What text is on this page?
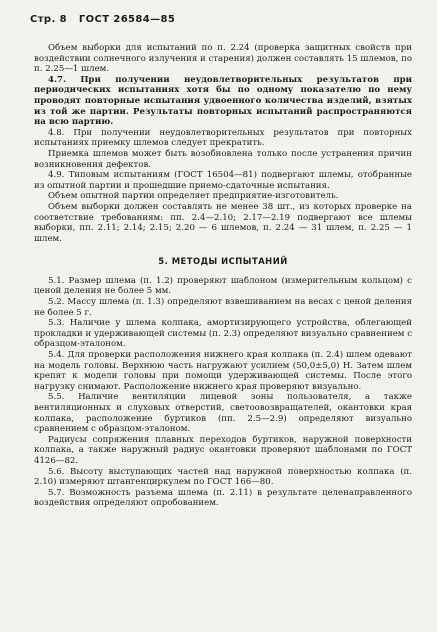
Стр. 8 ГОСТ 26584—85

Объем выборки для испытаний по п. 2.24 (проверка защитных свойств при воздействии солнечного излучения и старения) должен составлять 15 шлемов, по п. 2.25—1 шлем.

4.7. При получении неудовлетворительных результатов при периодических испытаниях хотя бы по одному показателю по нему проводят повторные испытания удвоенного количества изделий, взятых из той же партии. Результаты повторных испытаний распространяются на всю партию.

4.8. При получении неудовлетворительных результатов при повторных испытаниях приемку шлемов следует прекратить.

Приемка шлемов может быть возобновлена только после устранения причин возникновения дефектов.

4.9. Типовым испытаниям (ГОСТ 16504—81) подвергают шлемы, отобранные из опытной партии и прошедшие приемо-сдаточные испытания.

Объем опытной партии определяет предприятие-изготовитель.

Объем выборки должен составлять не менее 38 шт., из которых проверке на соответствие требованиям: пп. 2.4—2.10; 2.17—2.19 подвергают все шлемы выборки, пп. 2.11; 2.14; 2.15; 2.20 — 6 шлемов, п. 2.24 — 31 шлем, п. 2.25 — 1 шлем.

5. МЕТОДЫ ИСПЫТАНИЙ

5.1. Размер шлема (п. 1.2) проверяют шаблоном (измерительным кольцом) с ценой деления не более 5 мм.

5.2. Массу шлема (п. 1.3) определяют взвешиванием на весах с ценой деления не более 5 г.

5.3. Наличие у шлема колпака, амортизирующего устройства, облегающей прокладки и удерживающей системы (п. 2.3) определяют визуально сравнением с образцом-эталоном.

5.4. Для проверки расположения нижнего края колпака (п. 2.4) шлем одевают на модель головы. Верхнюю часть нагружают усилием (50,0±5,0) Н. Затем шлем крепят к модели головы при помощи удерживающей системы. После этого нагрузку снимают. Расположение нижнего края проверяют визуально.

5.5. Наличие вентиляции лицевой зоны пользователя, а также вентиляционных и слуховых отверстий, светоовозвращателей, окантовки края колпака, расположение буртиков (пп. 2.5—2.9) определяют визуально сравнением с образцом-эталоном.

Радиусы сопряжения плавных переходов буртиков, наружной поверхности колпака, а также наружный радиус окантовки проверяют шаблонами по ГОСТ 4126—82.

5.6. Высоту выступающих частей над наружной поверхностью колпака (п. 2.10) измеряют штангенциркулем по ГОСТ 166—80.

5.7. Возможность разъема шлема (п. 2.11) в результате целенаправленного воздействия определяют опробованием.
